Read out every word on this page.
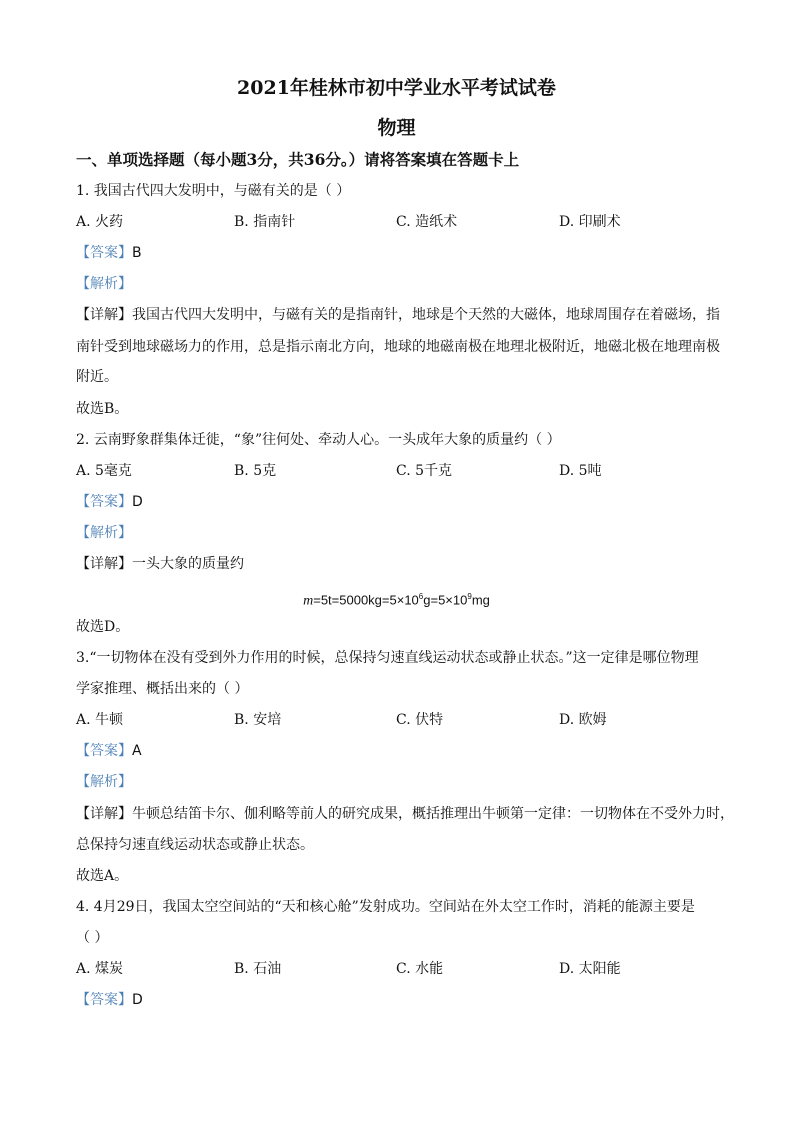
2021年桂林市初中学业水平考试试卷
物理
一、单项选择题（每小题3分，共36分。）请将答案填在答题卡上
1. 我国古代四大发明中，与磁有关的是（ ）
A. 火药	B. 指南针	C. 造纸术	D. 印刷术
【答案】B
【解析】
【详解】我国古代四大发明中，与磁有关的是指南针，地球是个天然的大磁体，地球周围存在着磁场，指
南针受到地球磁场力的作用，总是指示南北方向，地球的地磁南极在地理北极附近，地磁北极在地理南极
附近。
故选B。
2. 云南野象群集体迁徙，“象”往何处、牵动人心。一头成年大象的质量约（ ）
A. 5毫克	B. 5克	C. 5千克	D. 5吨
【答案】D
【解析】
【详解】一头大象的质量约
$m=5t=5000kg=5\times 10^6g=5\times 10^9mg$
故选D。
3.“一切物体在没有受到外力作用的时候，总保持匀速直线运动状态或静止状态。”这一定律是哪位物理
学家推理、概括出来的（ ）
A. 牛顿	B. 安培	C. 伏特	D. 欧姆
【答案】A
【解析】
【详解】牛顿总结笛卡尔、伽利略等前人的研究成果，概括推理出牛顿第一定律：一切物体在不受外力时，
总保持匀速直线运动状态或静止状态。
故选A。
4. 4月29日，我国太空空间站的“天和核心舱”发射成功。空间站在外太空工作时，消耗的能源主要是
（ ）
A. 煤炭	B. 石油	C. 水能	D. 太阳能
【答案】D
